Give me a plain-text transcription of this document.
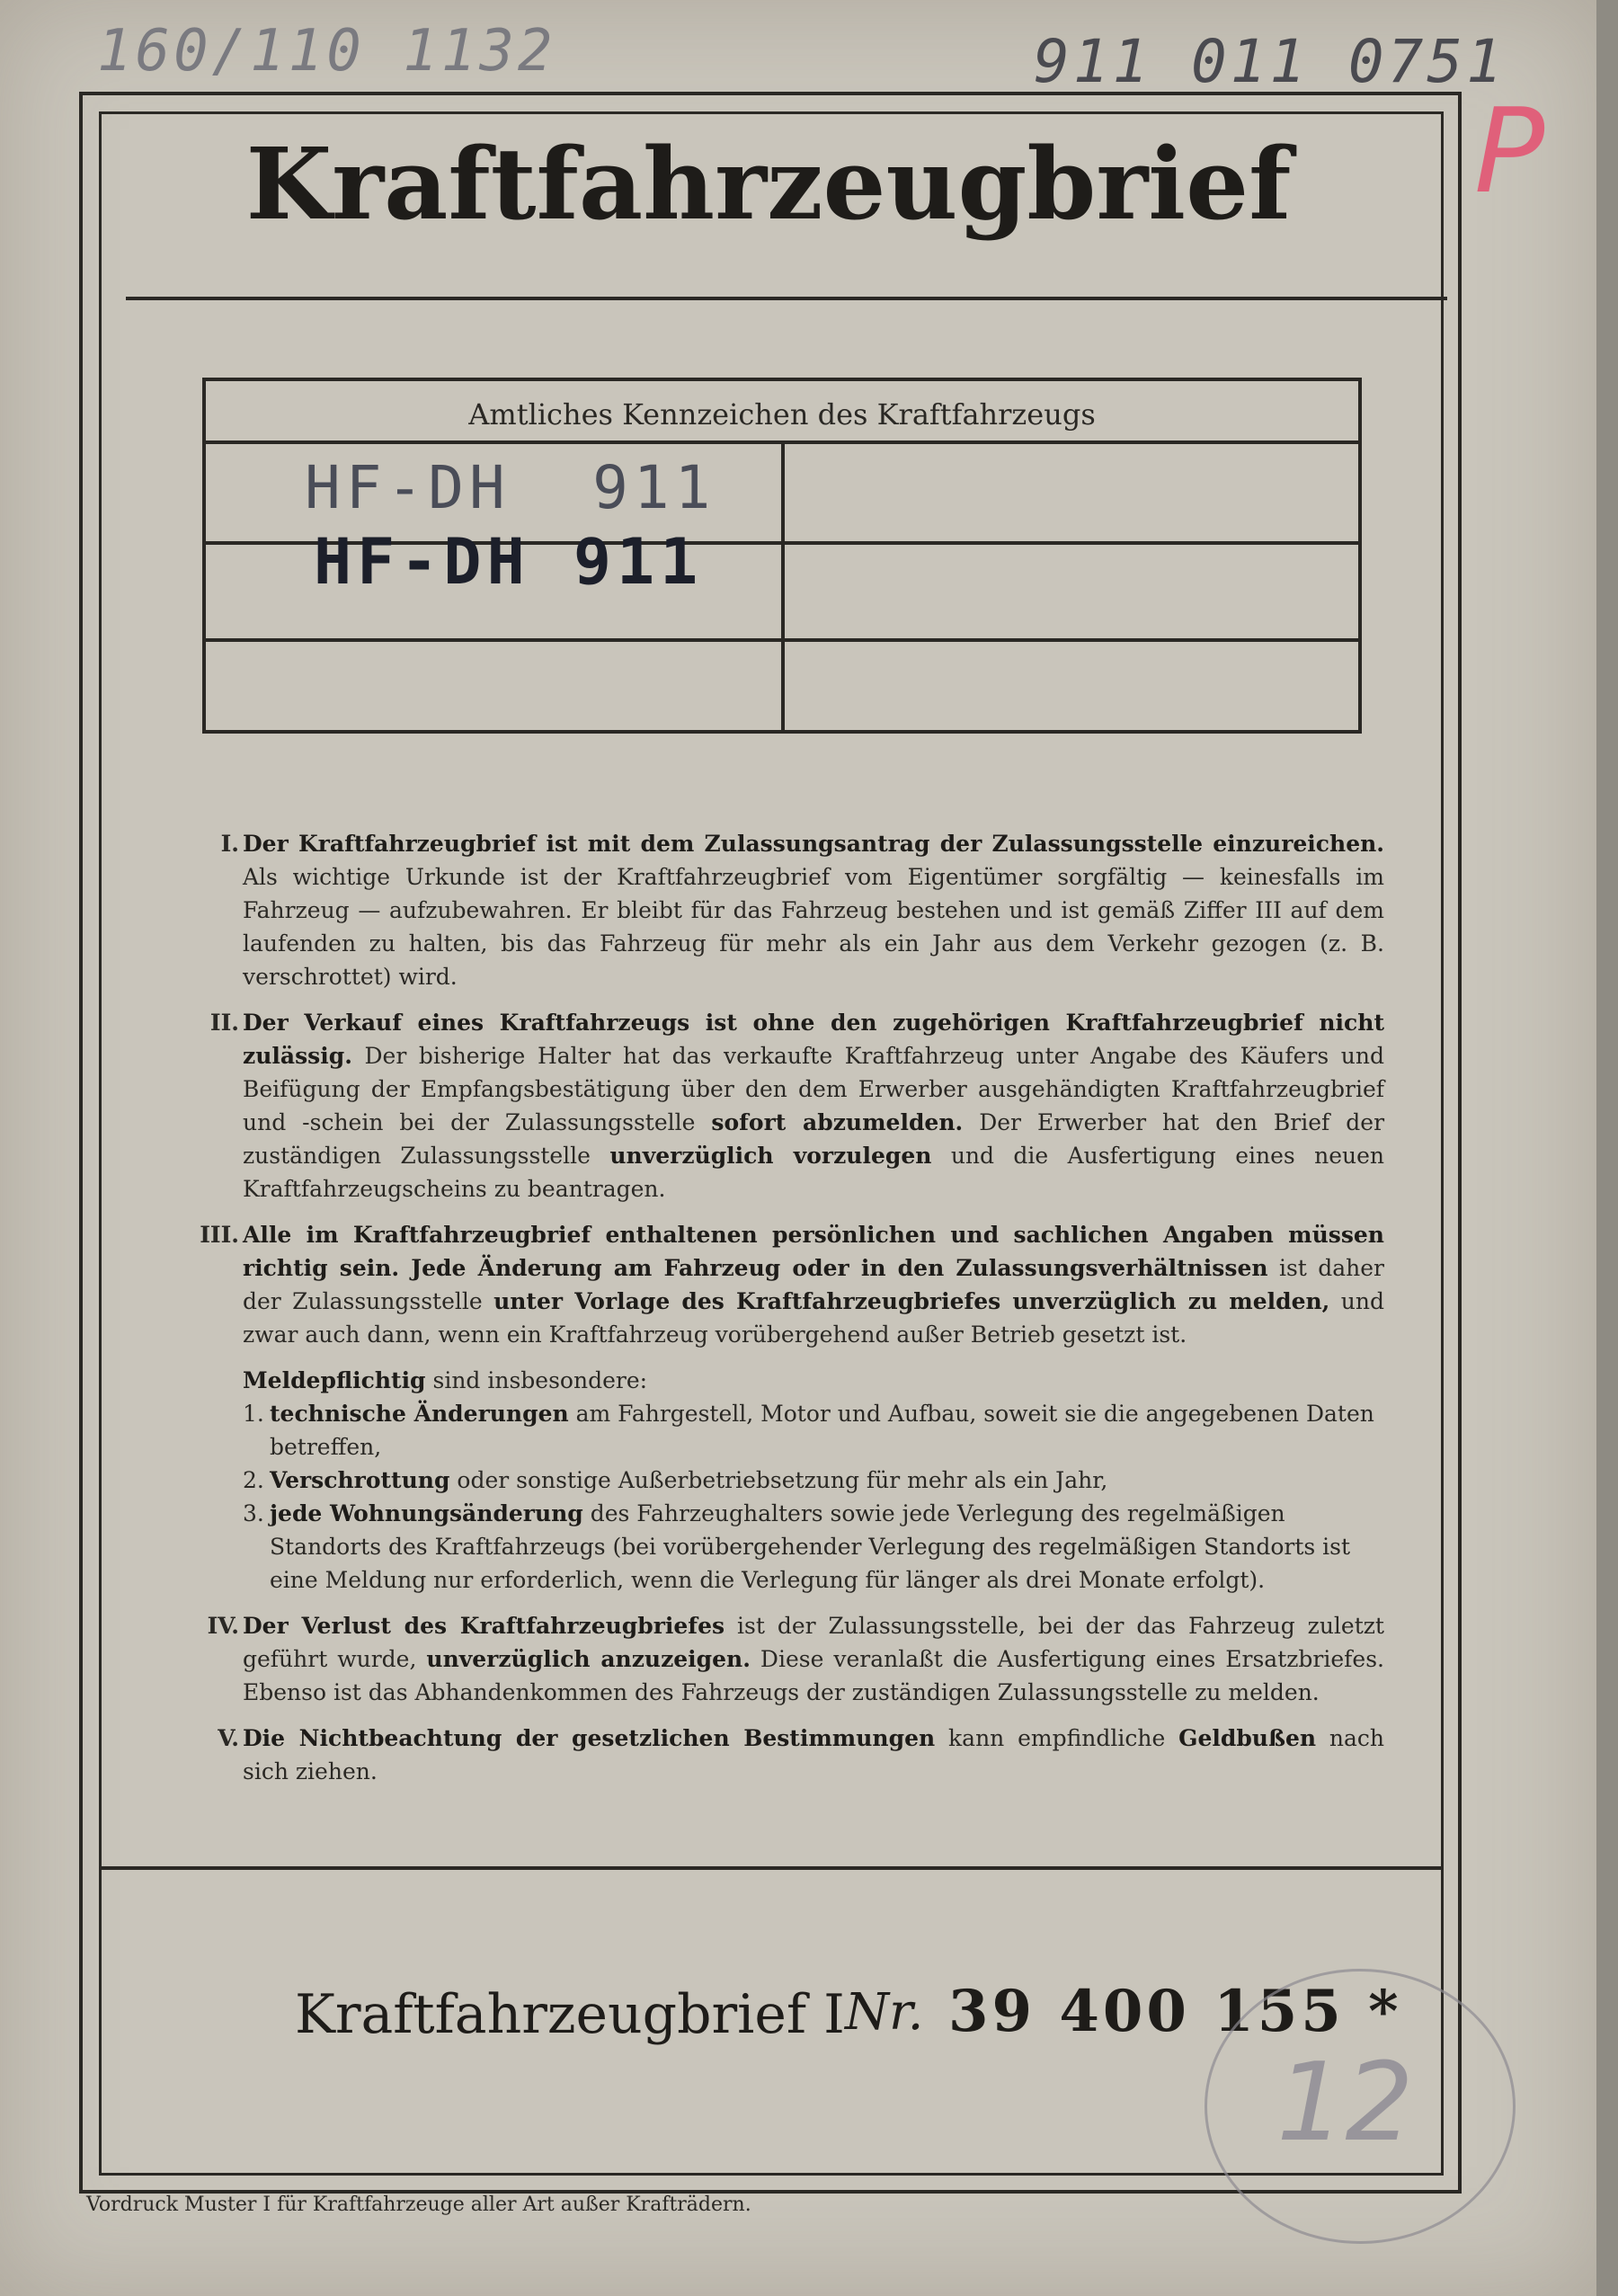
160/110 1132	911 011 0751
P
Kraftfahrzeugbrief
Amtliches Kennzeichen des Kraftfahrzeugs
HF-DH  911
HF-DH 911
I. Der Kraftfahrzeugbrief ist mit dem Zulassungsantrag der Zulassungsstelle einzureichen. Als wichtige Urkunde ist der Kraftfahrzeugbrief vom Eigentümer sorgfältig — keinesfalls im Fahrzeug — aufzubewahren. Er bleibt für das Fahrzeug bestehen und ist gemäß Ziffer III auf dem laufenden zu halten, bis das Fahrzeug für mehr als ein Jahr aus dem Verkehr gezogen (z. B. verschrottet) wird.

II. Der Verkauf eines Kraftfahrzeugs ist ohne den zugehörigen Kraftfahrzeugbrief nicht zulässig. Der bisherige Halter hat das verkaufte Kraftfahrzeug unter Angabe des Käufers und Beifügung der Empfangsbestätigung über den dem Erwerber ausgehändigten Kraftfahrzeugbrief und -schein bei der Zulassungsstelle sofort abzumelden. Der Erwerber hat den Brief der zuständigen Zulassungsstelle unverzüglich vorzulegen und die Ausfertigung eines neuen Kraftfahrzeugscheins zu beantragen.

III. Alle im Kraftfahrzeugbrief enthaltenen persönlichen und sachlichen Angaben müssen richtig sein. Jede Änderung am Fahrzeug oder in den Zulassungsverhältnissen ist daher der Zulassungsstelle unter Vorlage des Kraftfahrzeugbriefes unverzüglich zu melden, und zwar auch dann, wenn ein Kraftfahrzeug vorübergehend außer Betrieb gesetzt ist.

Meldepflichtig sind insbesondere:
1. technische Änderungen am Fahrgestell, Motor und Aufbau, soweit sie die angegebenen Daten betreffen,
2. Verschrottung oder sonstige Außerbetriebsetzung für mehr als ein Jahr,
3. jede Wohnungsänderung des Fahrzeughalters sowie jede Verlegung des regelmäßigen Standorts des Kraftfahrzeugs (bei vorübergehender Verlegung des regelmäßigen Standorts ist eine Meldung nur erforderlich, wenn die Verlegung für länger als drei Monate erfolgt).
IV. Der Verlust des Kraftfahrzeugbriefes ist der Zulassungsstelle, bei der das Fahrzeug zuletzt geführt wurde, unverzüglich anzuzeigen. Diese veranlaßt die Ausfertigung eines Ersatzbriefes. Ebenso ist das Abhandenkommen des Fahrzeugs der zuständigen Zulassungsstelle zu melden.

V. Die Nichtbeachtung der gesetzlichen Bestimmungen kann empfindliche Geldbußen nach sich ziehen.

Kraftfahrzeugbrief I Nr. 39 400 155 *
12
Vordruck Muster I für Kraftfahrzeuge aller Art außer Krafträdern.
